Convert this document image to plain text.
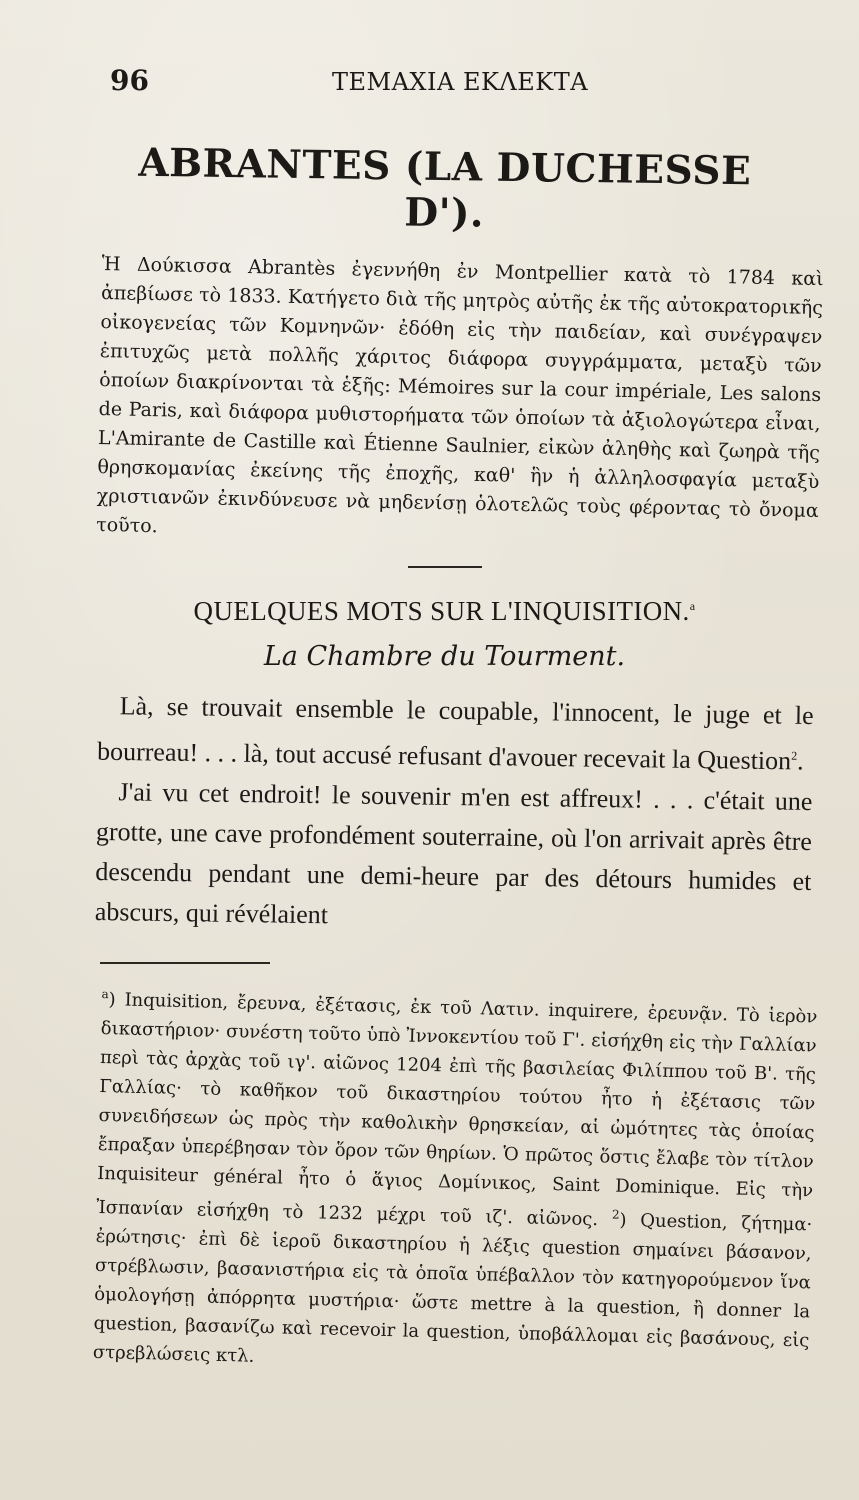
96	ΤΕΜΑΧΙΑ ΕΚΛΕΚΤΑ
ABRANTES (LA DUCHESSE D').
Ἡ Δούκισσα Abrantès ἐγεννήθη ἐν Montpellier κατὰ τὸ 1784 καὶ ἀπεβίωσε τὸ 1833. Κατήγετο διὰ τῆς μητρὸς αὐτῆς ἐκ τῆς αὐτοκρατορικῆς οἰκογενείας τῶν Κομνηνῶν· ἐδόθη εἰς τὴν παιδείαν, καὶ συνέγραψεν ἐπιτυχῶς μετὰ πολλῆς χάριτος διάφορα συγγράμματα, μεταξὺ τῶν ὁποίων διακρίνονται τὰ ἑξῆς: Mémoires sur la cour impériale, Les salons de Paris, καὶ διάφορα μυθιστορήματα τῶν ὁποίων τὰ ἀξιολογώτερα εἶναι, L'Amirante de Castille καὶ Étienne Saulnier, εἰκὼν ἀληθὴς καὶ ζωηρὰ τῆς θρησκομανίας ἐκείνης τῆς ἐποχῆς, καθ' ἣν ἡ ἀλληλοσφαγία μεταξὺ χριστιανῶν ἐκινδύνευσε νὰ μηδενίσῃ ὁλοτελῶς τοὺς φέροντας τὸ ὄνομα τοῦτο.
QUELQUES MOTS SUR L'INQUISITION.$^a$
La Chambre du Tourment.

Là, se trouvait ensemble le coupable, l'innocent, le juge et le bourreau! . . . là, tout accusé refusant d'avouer recevait la Question$^2$.

J'ai vu cet endroit! le souvenir m'en est affreux! . . . c'était une grotte, une cave profondément souterraine, où l'on arrivait après être descendu pendant une demi-heure par des détours humides et abscurs, qui révélaient

$^a$) Inquisition, ἔρευνα, ἐξέτασις, ἐκ τοῦ Λατιν. inquirere, ἐρευνᾷν. Τὸ ἱερὸν δικαστήριον· συνέστη τοῦτο ὑπὸ Ἰννοκεντίου τοῦ Γ'. εἰσήχθη εἰς τὴν Γαλλίαν περὶ τὰς ἀρχὰς τοῦ ιγ'. αἰῶνος 1204 ἐπὶ τῆς βασιλείας Φιλίππου τοῦ Β'. τῆς Γαλλίας· τὸ καθῆκον τοῦ δικαστηρίου τούτου ἦτο ἡ ἐξέτασις τῶν συνειδήσεων ὡς πρὸς τὴν καθολικὴν θρησκείαν, αἱ ὠμότητες τὰς ὁποίας ἔπραξαν ὑπερέβησαν τὸν ὅρον τῶν θηρίων. Ὁ πρῶτος ὅστις ἔλαβε τὸν τίτλον Inquisiteur général ἦτο ὁ ἅγιος Δομίνικος, Saint Dominique. Εἰς τὴν Ἰσπανίαν εἰσήχθη τὸ 1232 μέχρι τοῦ ιζ'. αἰῶνος. $^2$) Question, ζήτημα· ἐρώτησις· ἐπὶ δὲ ἱεροῦ δικαστηρίου ἡ λέξις question σημαίνει βάσανον, στρέβλωσιν, βασανιστήρια εἰς τὰ ὁποῖα ὑπέβαλλον τὸν κατηγορούμενον ἵνα ὁμολογήσῃ ἀπόρρητα μυστήρια· ὥστε mettre à la question, ἢ donner la question, βασανίζω καὶ recevoir la question, ὑποβάλλομαι εἰς βασάνους, εἰς στρεβλώσεις κτλ.
